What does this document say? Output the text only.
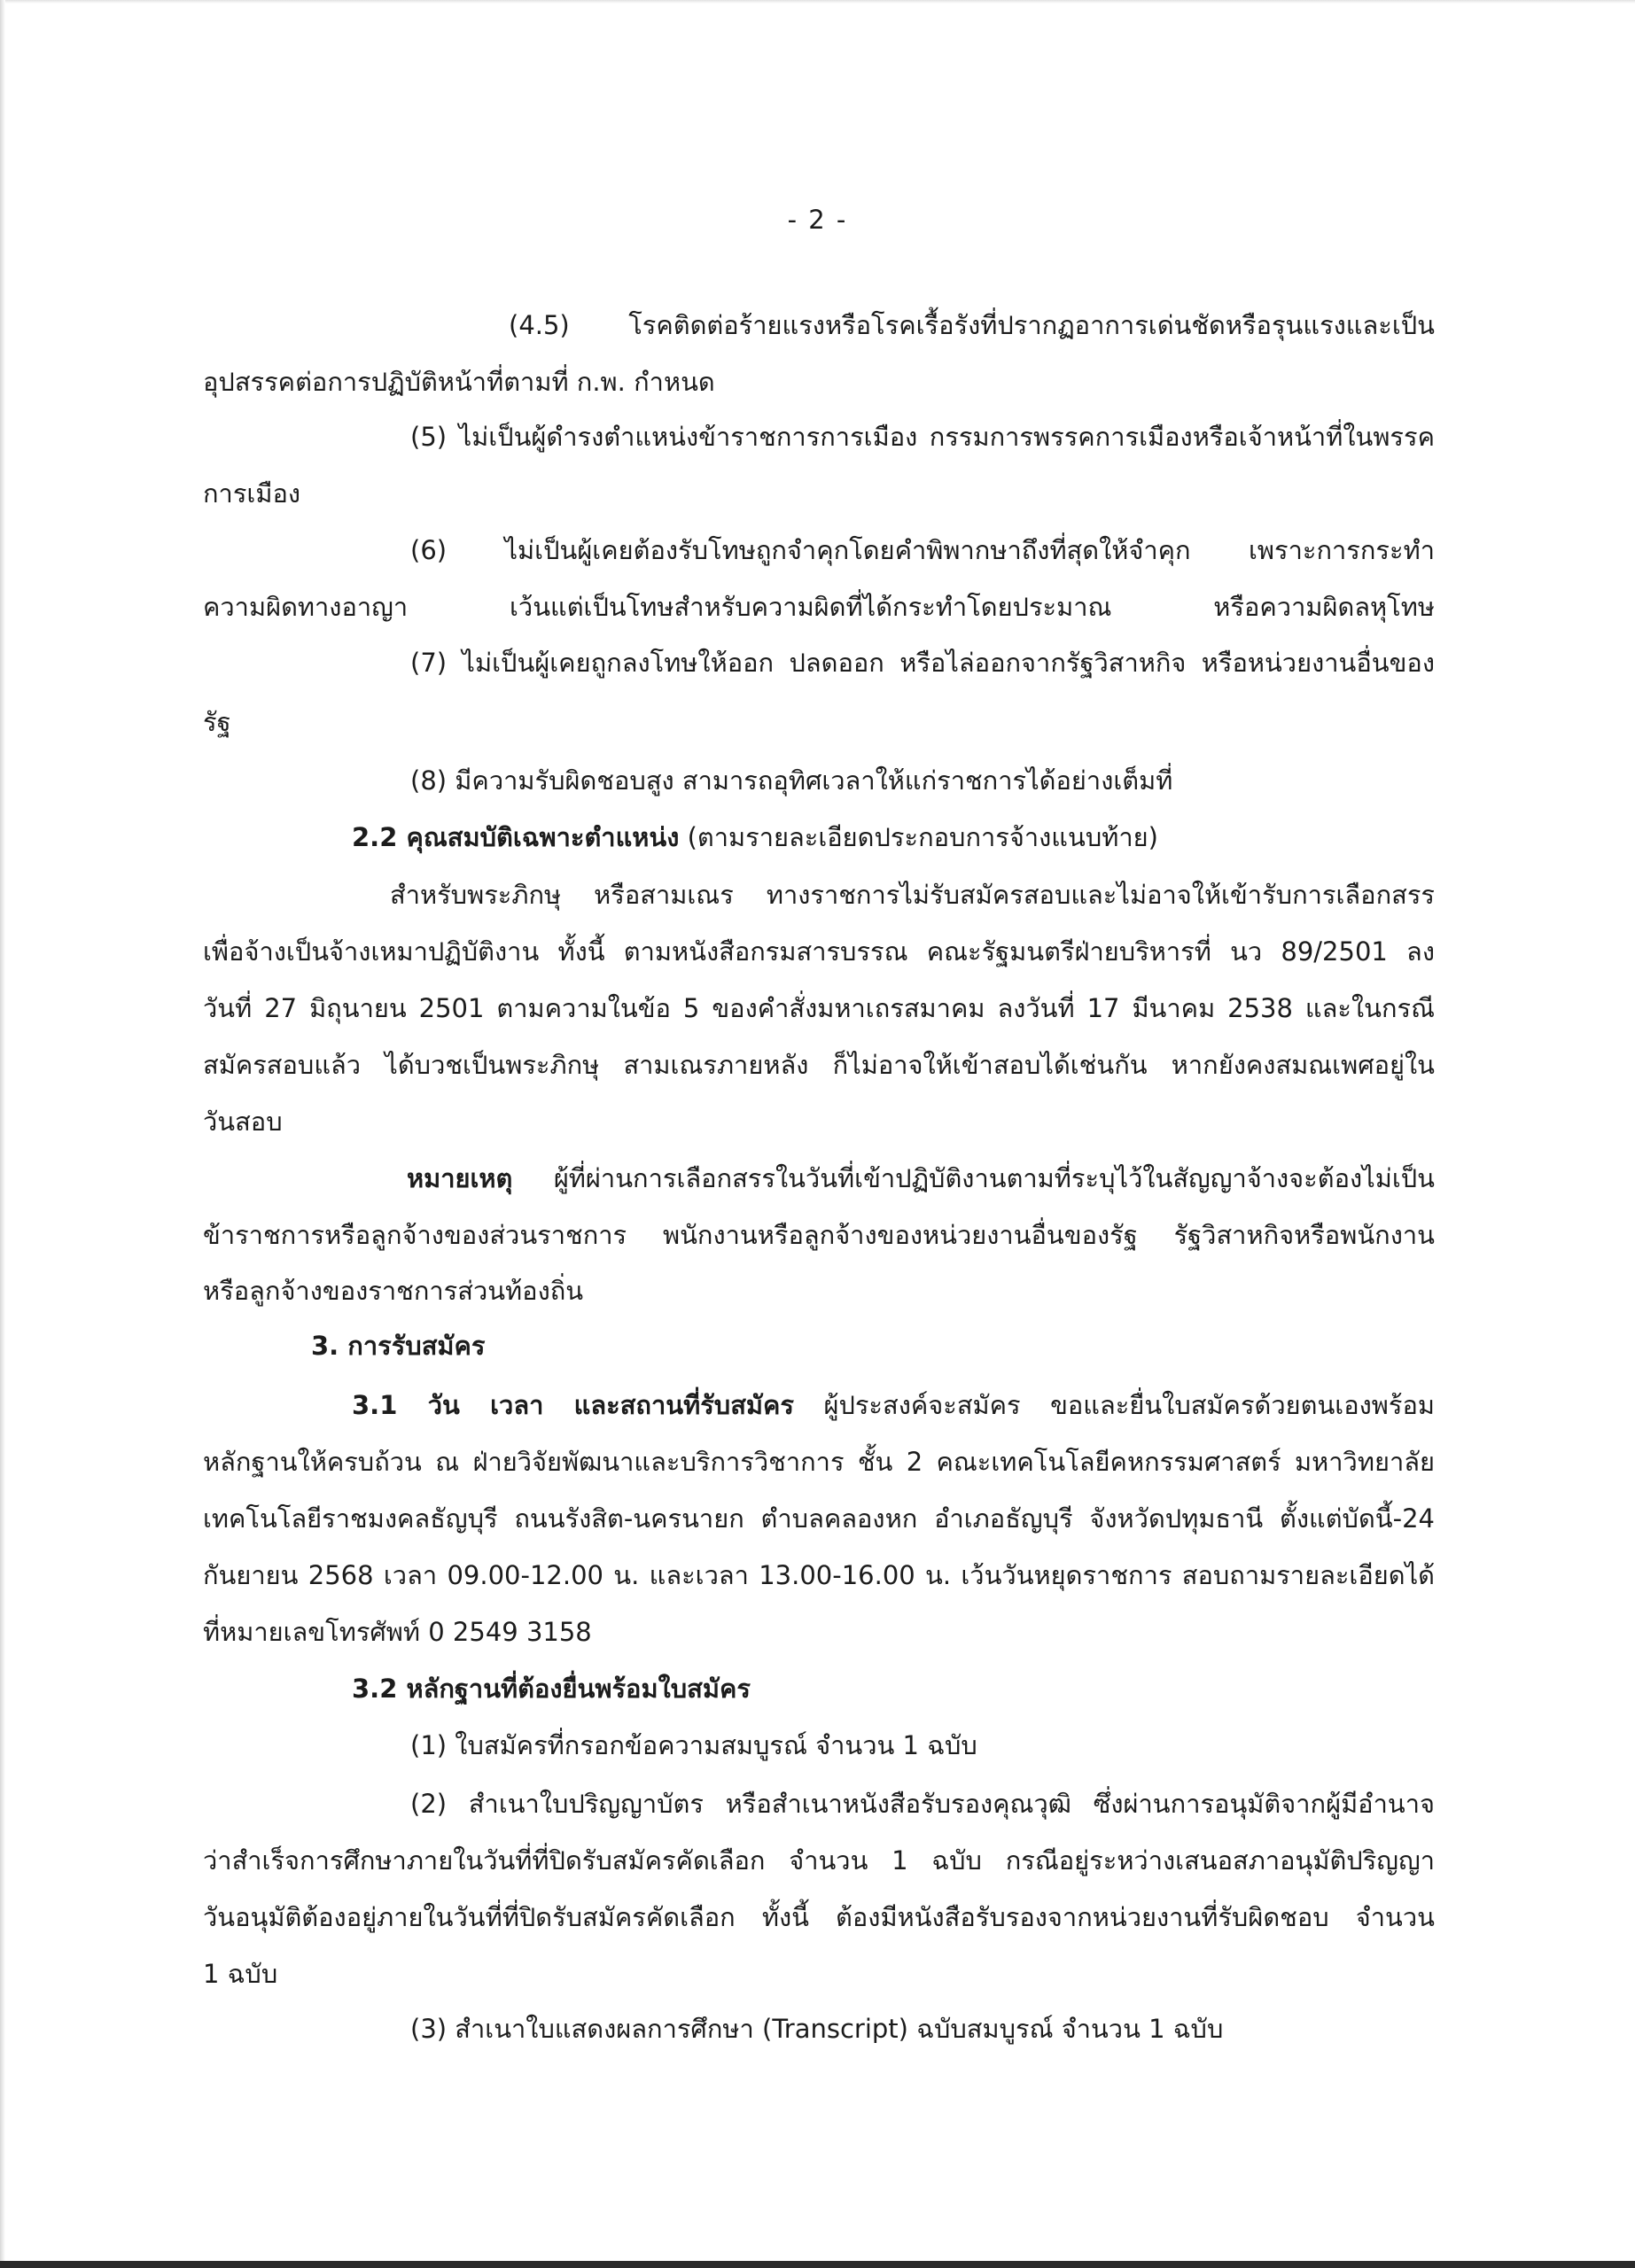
- 2 -
(4.5) โรคติดต่อร้ายแรงหรือโรคเรื้อรังที่ปรากฏอาการเด่นชัดหรือรุนแรงและเป็น
อุปสรรคต่อการปฏิบัติหน้าที่ตามที่ ก.พ. กำหนด
(5) ไม่เป็นผู้ดำรงตำแหน่งข้าราชการการเมือง กรรมการพรรคการเมืองหรือเจ้าหน้าที่ในพรรค
การเมือง
(6) ไม่เป็นผู้เคยต้องรับโทษถูกจำคุกโดยคำพิพากษาถึงที่สุดให้จำคุก เพราะการกระทำ
ความผิดทางอาญา เว้นแต่เป็นโทษสำหรับความผิดที่ได้กระทำโดยประมาณ หรือความผิดลหุโทษ
(7) ไม่เป็นผู้เคยถูกลงโทษให้ออก ปลดออก หรือไล่ออกจากรัฐวิสาหกิจ หรือหน่วยงานอื่นของ
รัฐ
(8) มีความรับผิดชอบสูง สามารถอุทิศเวลาให้แก่ราชการได้อย่างเต็มที่
2.2 คุณสมบัติเฉพาะตำแหน่ง (ตามรายละเอียดประกอบการจ้างแนบท้าย)
สำหรับพระภิกษุ หรือสามเณร ทางราชการไม่รับสมัครสอบและไม่อาจให้เข้ารับการเลือกสรร
เพื่อจ้างเป็นจ้างเหมาปฏิบัติงาน ทั้งนี้ ตามหนังสือกรมสารบรรณ คณะรัฐมนตรีฝ่ายบริหารที่ นว 89/2501 ลง
วันที่ 27 มิถุนายน 2501 ตามความในข้อ 5 ของคำสั่งมหาเถรสมาคม ลงวันที่ 17 มีนาคม 2538 และในกรณี
สมัครสอบแล้ว ได้บวชเป็นพระภิกษุ สามเณรภายหลัง ก็ไม่อาจให้เข้าสอบได้เช่นกัน หากยังคงสมณเพศอยู่ใน
วันสอบ
หมายเหตุ ผู้ที่ผ่านการเลือกสรรในวันที่เข้าปฏิบัติงานตามที่ระบุไว้ในสัญญาจ้างจะต้องไม่เป็น
ข้าราชการหรือลูกจ้างของส่วนราชการ พนักงานหรือลูกจ้างของหน่วยงานอื่นของรัฐ รัฐวิสาหกิจหรือพนักงาน
หรือลูกจ้างของราชการส่วนท้องถิ่น
3. การรับสมัคร
3.1 วัน เวลา และสถานที่รับสมัคร ผู้ประสงค์จะสมัคร ขอและยื่นใบสมัครด้วยตนเองพร้อม
หลักฐานให้ครบถ้วน ณ ฝ่ายวิจัยพัฒนาและบริการวิชาการ ชั้น 2 คณะเทคโนโลยีคหกรรมศาสตร์ มหาวิทยาลัย
เทคโนโลยีราชมงคลธัญบุรี ถนนรังสิต-นครนายก ตำบลคลองหก อำเภอธัญบุรี จังหวัดปทุมธานี ตั้งแต่บัดนี้-24
กันยายน 2568 เวลา 09.00-12.00 น. และเวลา 13.00-16.00 น. เว้นวันหยุดราชการ สอบถามรายละเอียดได้
ที่หมายเลขโทรศัพท์ 0 2549 3158
3.2 หลักฐานที่ต้องยื่นพร้อมใบสมัคร
(1) ใบสมัครที่กรอกข้อความสมบูรณ์ จำนวน 1 ฉบับ
(2) สำเนาใบปริญญาบัตร หรือสำเนาหนังสือรับรองคุณวุฒิ ซึ่งผ่านการอนุมัติจากผู้มีอำนาจ
ว่าสำเร็จการศึกษาภายในวันที่ที่ปิดรับสมัครคัดเลือก จำนวน 1 ฉบับ กรณีอยู่ระหว่างเสนอสภาอนุมัติปริญญา
วันอนุมัติต้องอยู่ภายในวันที่ที่ปิดรับสมัครคัดเลือก ทั้งนี้ ต้องมีหนังสือรับรองจากหน่วยงานที่รับผิดชอบ จำนวน
1 ฉบับ
(3) สำเนาใบแสดงผลการศึกษา (Transcript) ฉบับสมบูรณ์ จำนวน 1 ฉบับ
